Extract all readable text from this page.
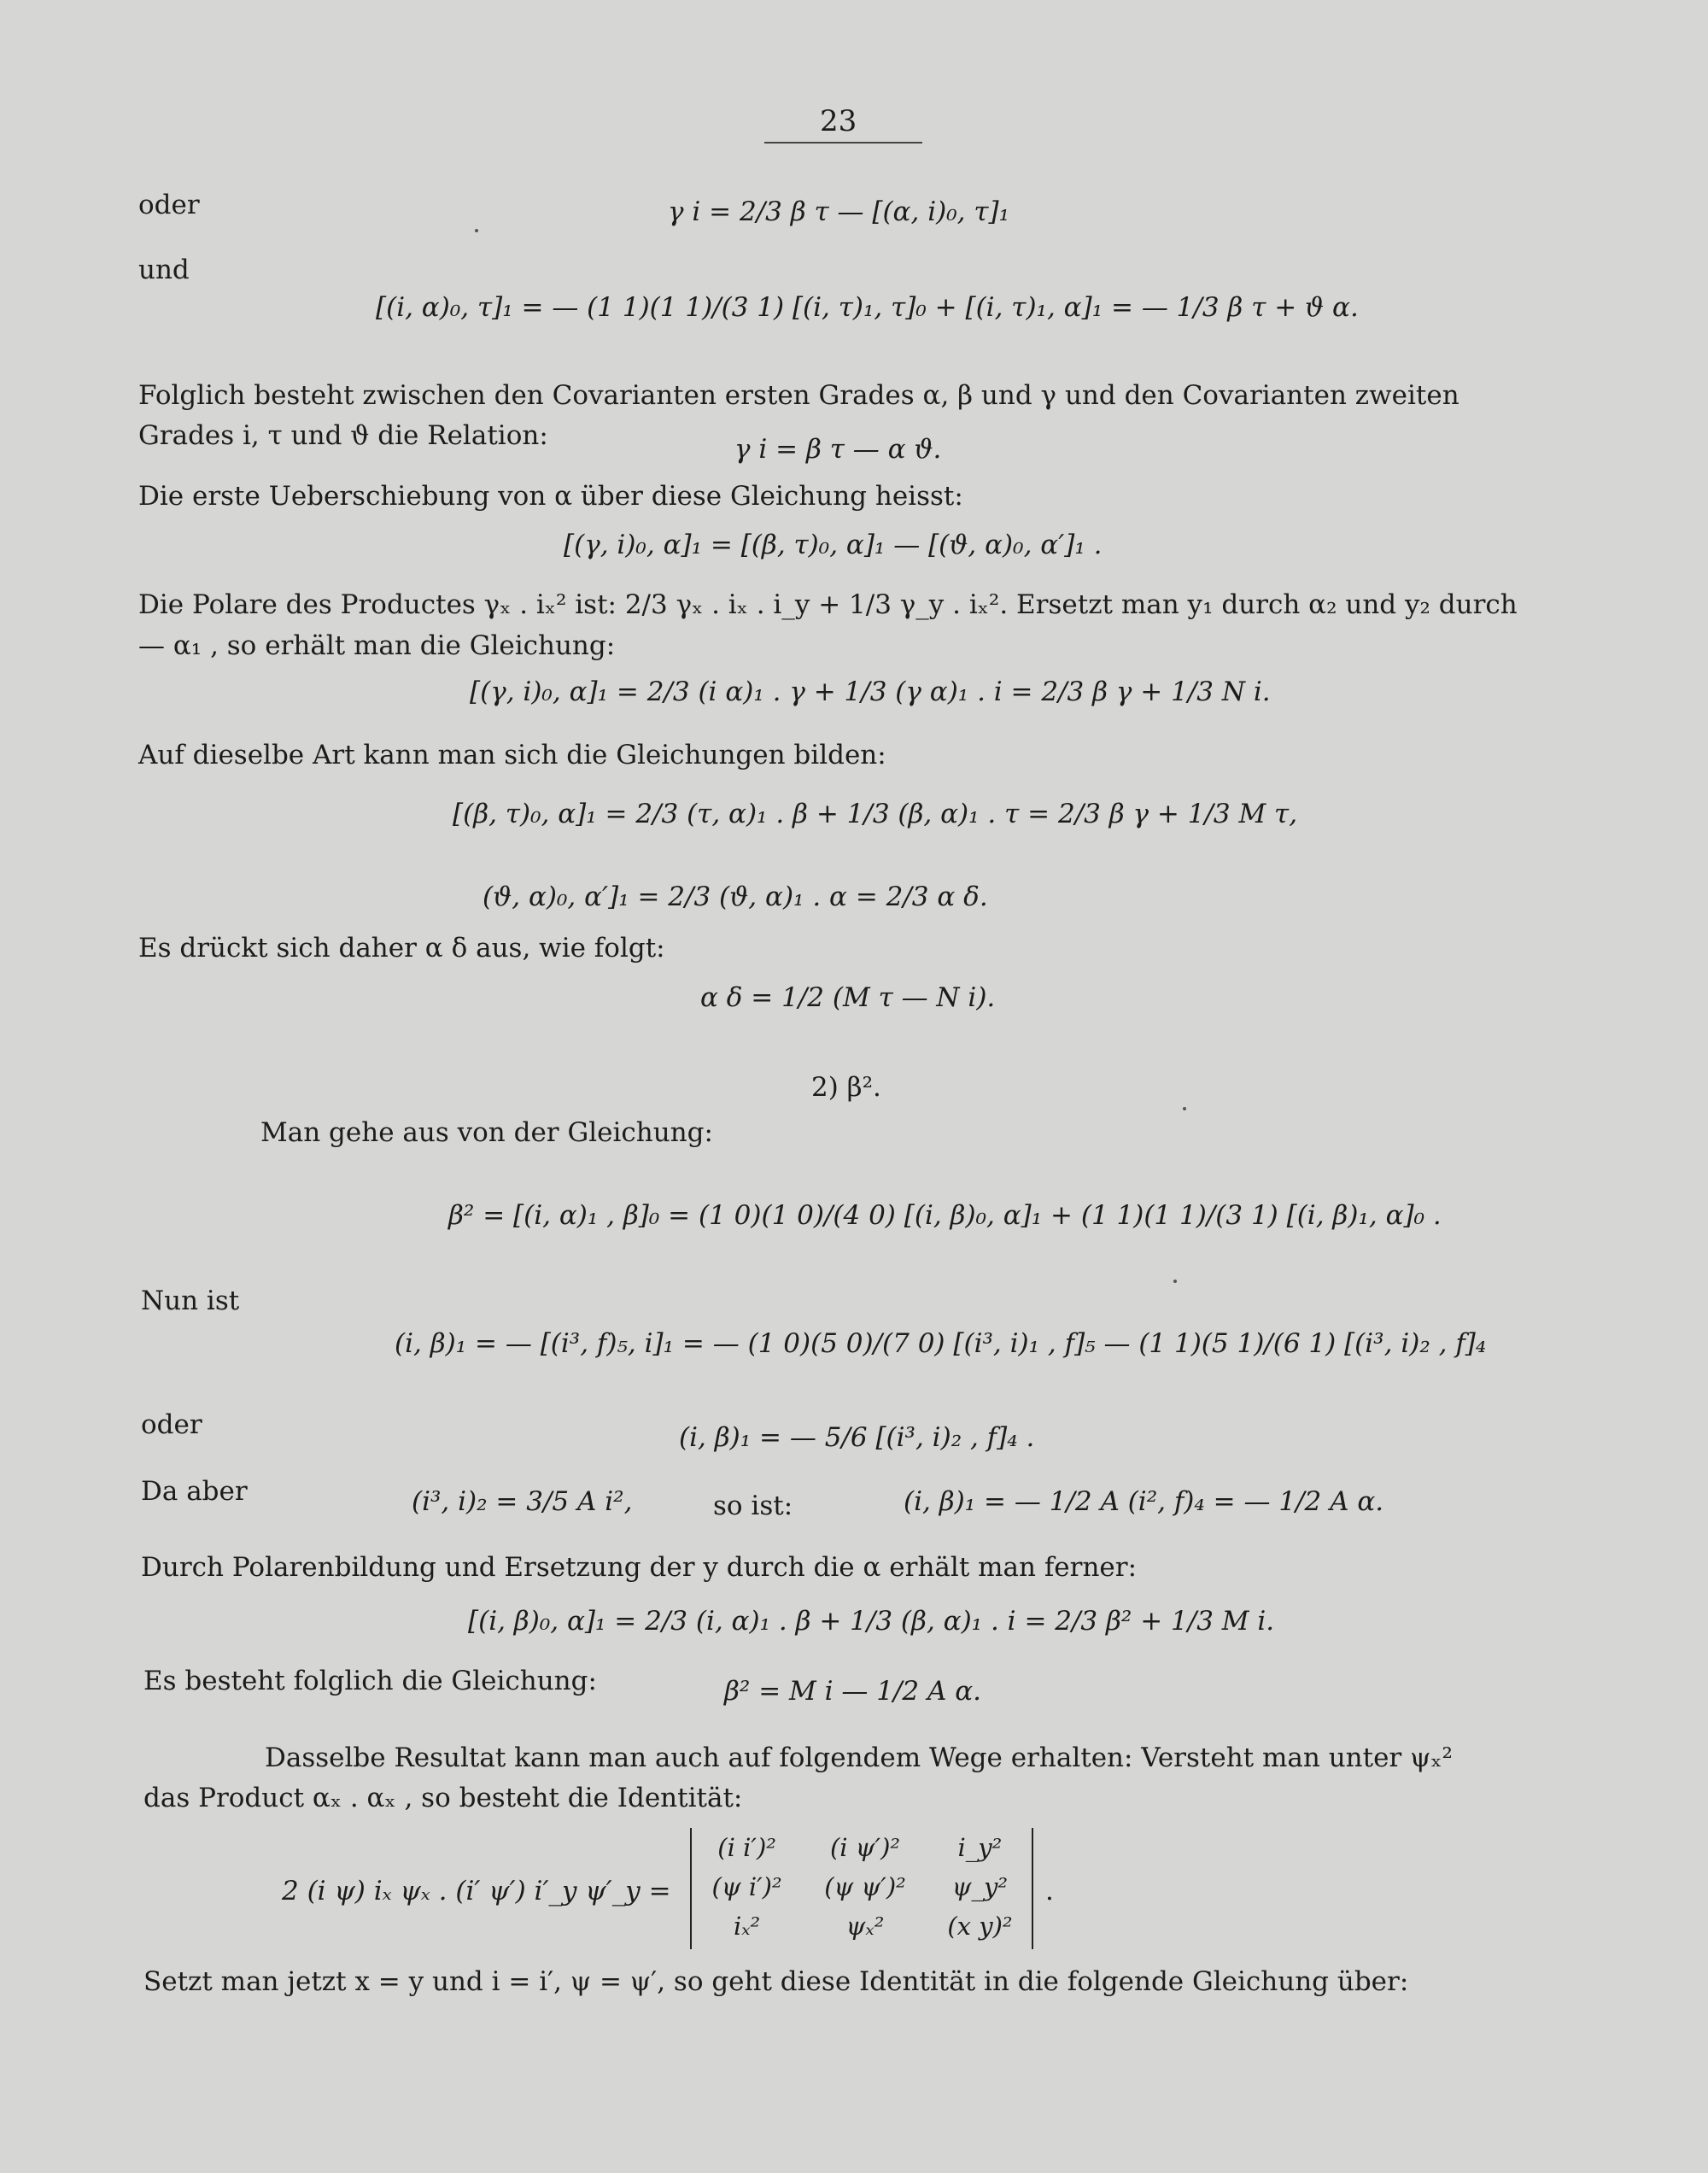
23
oder	γ i = 2/3 β τ — [(α, i)₀, τ]₁
und
[(i, α)₀, τ]₁ = — (1 1)(1 1)/(3 1) [(i, τ)₁, τ]₀ + [(i, τ)₁, α]₁ = — 1/3 β τ + ϑ α.
Folglich besteht zwischen den Covarianten ersten Grades α, β und γ und den Covarianten zweiten
Grades i, τ und ϑ die Relation:	γ i = β τ — α ϑ.
Die erste Ueberschiebung von α über diese Gleichung heisst:
[(γ, i)₀, α]₁ = [(β, τ)₀, α]₁ — [(ϑ, α)₀, α′]₁ .
Die Polare des Productes γₓ . iₓ² ist: 2/3 γₓ . iₓ . i_y + 1/3 γ_y . iₓ². Ersetzt man y₁ durch α₂ und y₂ durch
— α₁ , so erhält man die Gleichung:
[(γ, i)₀, α]₁ = 2/3 (i α)₁ . γ + 1/3 (γ α)₁ . i = 2/3 β γ + 1/3 N i.
Auf dieselbe Art kann man sich die Gleichungen bilden:
[(β, τ)₀, α]₁ = 2/3 (τ, α)₁ . β + 1/3 (β, α)₁ . τ = 2/3 β γ + 1/3 M τ,
(ϑ, α)₀, α′]₁ = 2/3 (ϑ, α)₁ . α = 2/3 α δ.
Es drückt sich daher α δ aus, wie folgt:
α δ = 1/2 (M τ — N i).
2) β².
Man gehe aus von der Gleichung:
β² = [(i, α)₁ , β]₀ = (1 0)(1 0)/(4 0) [(i, β)₀, α]₁ + (1 1)(1 1)/(3 1) [(i, β)₁, α]₀ .
Nun ist
(i, β)₁ = — [(i³, f)₅, i]₁ = — (1 0)(5 0)/(7 0) [(i³, i)₁ , f]₅ — (1 1)(5 1)/(6 1) [(i³, i)₂ , f]₄
oder	(i, β)₁ = — 5/6 [(i³, i)₂ , f]₄ .
Da aber	(i³, i)₂ = 3/5 A i²,	so ist:	(i, β)₁ = — 1/2 A (i², f)₄ = — 1/2 A α.
Durch Polarenbildung und Ersetzung der y durch die α erhält man ferner:
[(i, β)₀, α]₁ = 2/3 (i, α)₁ . β + 1/3 (β, α)₁ . i = 2/3 β² + 1/3 M i.
Es besteht folglich die Gleichung:	β² = M i — 1/2 A α.
Dasselbe Resultat kann man auch auf folgendem Wege erhalten: Versteht man unter ψₓ²
das Product αₓ . αₓ , so besteht die Identität:
2 (i ψ) iₓ ψₓ . (i′ ψ′) i′_y ψ′_y =
(i i′)²	(i ψ′)²	i_y²
(ψ i′)²	(ψ ψ′)²	ψ_y²
iₓ²	ψₓ²	(x y)²
.
Setzt man jetzt x = y und i = i′, ψ = ψ′, so geht diese Identität in die folgende Gleichung über:
